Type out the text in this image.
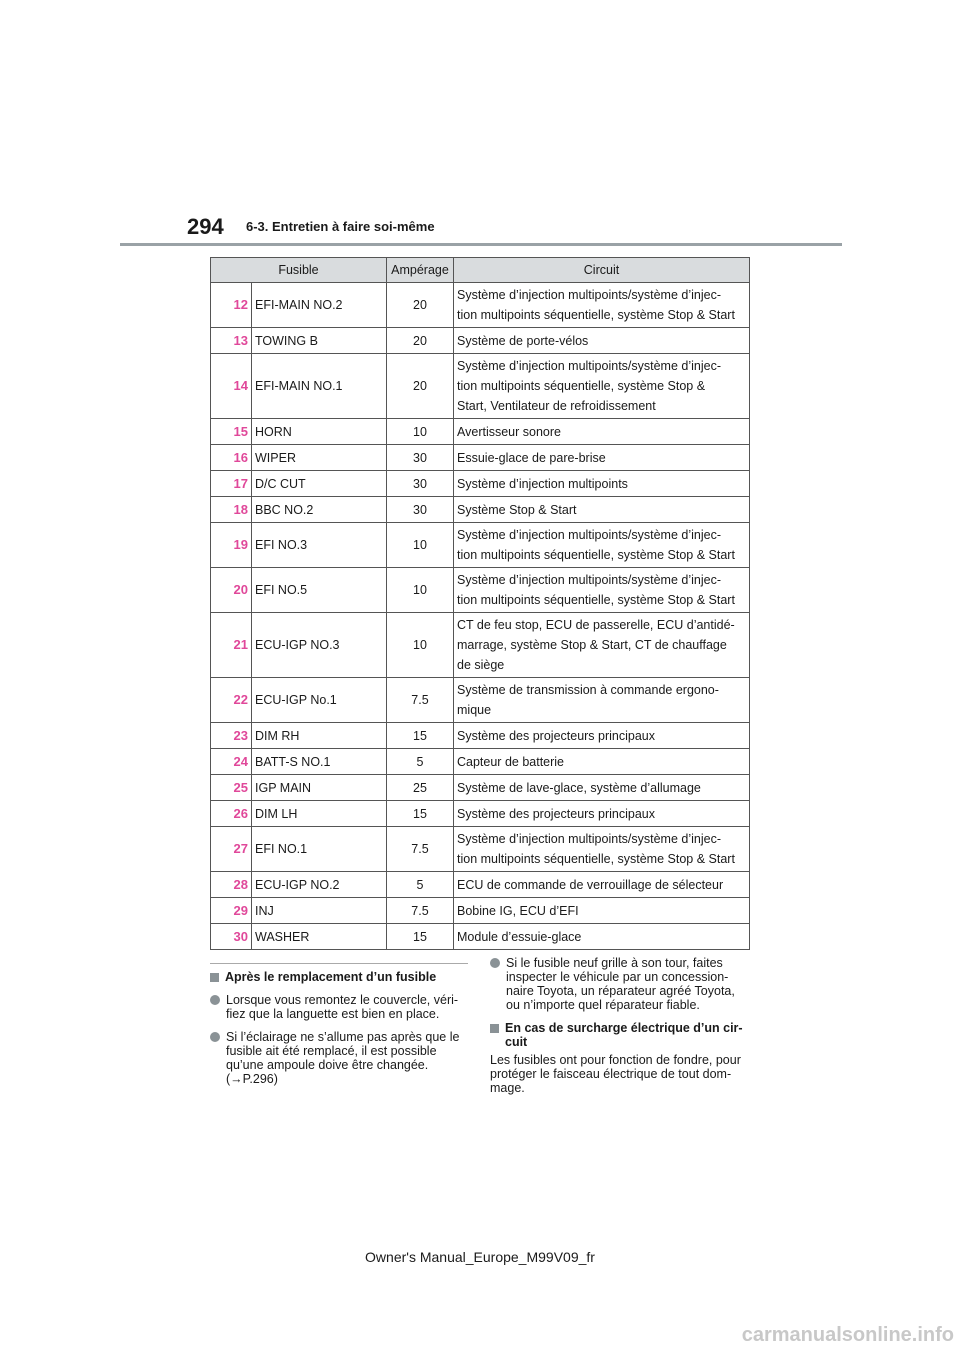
294 6-3. Entretien à faire soi-même
Fusible		Ampérage	Circuit
12	EFI-MAIN NO.2	20	Système d’injection multipoints/système d’injec-
tion multipoints séquentielle, système Stop & Start
13	TOWING B	20	Système de porte-vélos
14	EFI-MAIN NO.1	20	Système d’injection multipoints/système d’injec-
tion multipoints séquentielle, système Stop &
Start, Ventilateur de refroidissement
15	HORN	10	Avertisseur sonore
16	WIPER	30	Essuie-glace de pare-brise
17	D/C CUT	30	Système d’injection multipoints
18	BBC NO.2	30	Système Stop & Start
19	EFI NO.3	10	Système d’injection multipoints/système d’injec-
tion multipoints séquentielle, système Stop & Start
20	EFI NO.5	10	Système d’injection multipoints/système d’injec-
tion multipoints séquentielle, système Stop & Start
21	ECU-IGP NO.3	10	CT de feu stop, ECU de passerelle, ECU d’antidé-
marrage, système Stop & Start, CT de chauffage
de siège
22	ECU-IGP No.1	7.5	Système de transmission à commande ergono-
mique
23	DIM RH	15	Système des projecteurs principaux
24	BATT-S NO.1	5	Capteur de batterie
25	IGP MAIN	25	Système de lave-glace, système d’allumage
26	DIM LH	15	Système des projecteurs principaux
27	EFI NO.1	7.5	Système d’injection multipoints/système d’injec-
tion multipoints séquentielle, système Stop & Start
28	ECU-IGP NO.2	5	ECU de commande de verrouillage de sélecteur
29	INJ	7.5	Bobine IG, ECU d’EFI
30	WASHER	15	Module d’essuie-glace
Après le remplacement d’un fusible
Lorsque vous remontez le couvercle, véri-
fiez que la languette est bien en place.
Si l’éclairage ne s’allume pas après que le
fusible ait été remplacé, il est possible
qu’une ampoule doive être changée.
(→P.296)
Si le fusible neuf grille à son tour, faites
inspecter le véhicule par un concession-
naire Toyota, un réparateur agréé Toyota,
ou n’importe quel réparateur fiable.
En cas de surcharge électrique d’un cir-
cuit

Les fusibles ont pour fonction de fondre, pour
protéger le faisceau électrique de tout dom-
mage.

Owner's Manual_Europe_M99V09_fr
carmanualsonline.info
